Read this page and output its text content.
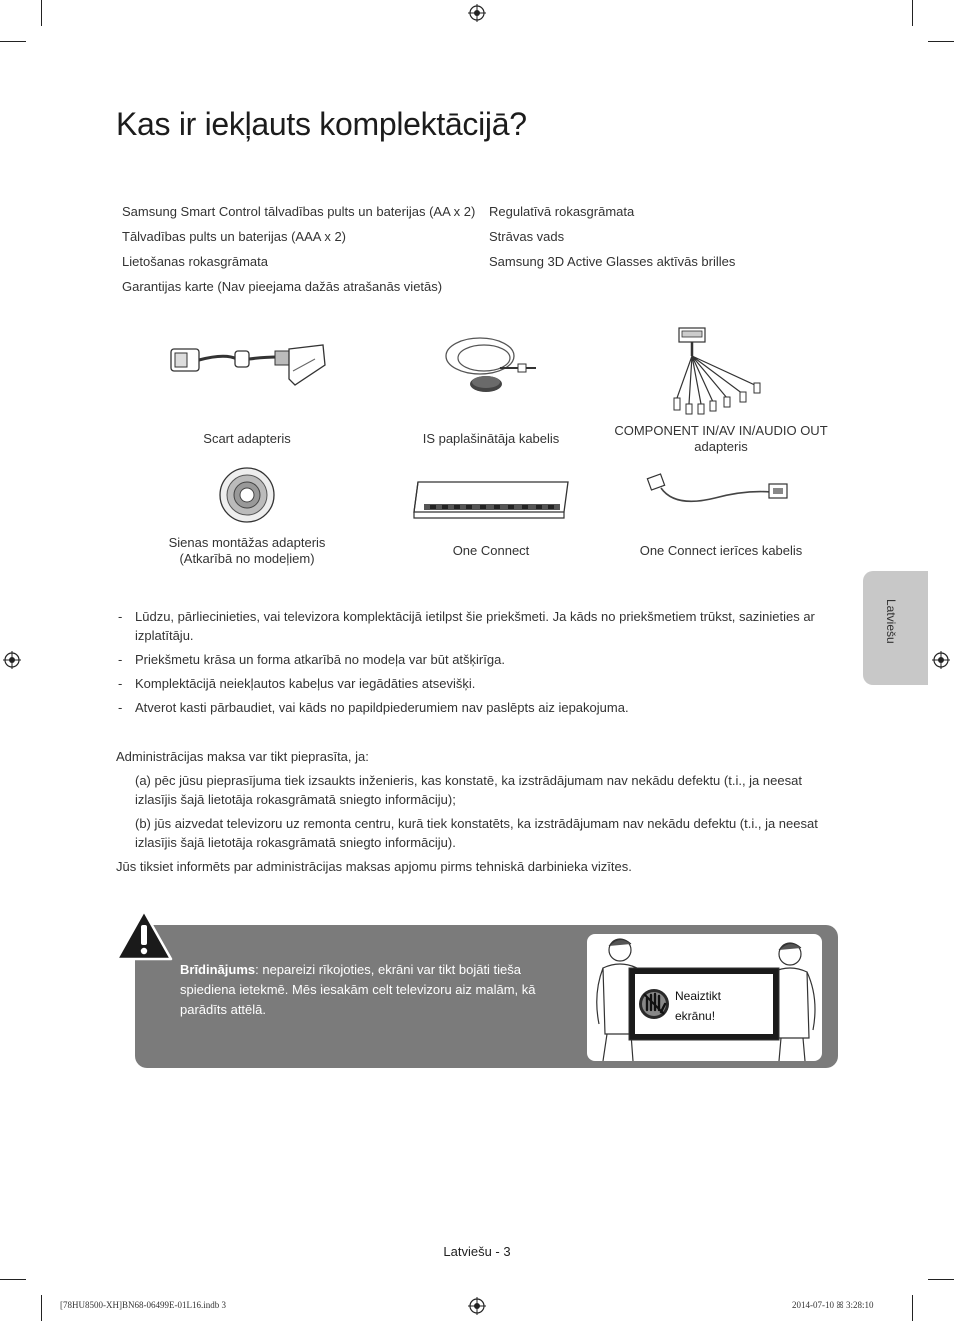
Kas ir iekļauts komplektācijā?
Samsung Smart Control tālvadības pults un baterijas (AA x 2)
Tālvadības pults un baterijas (AAA x 2)
Lietošanas rokasgrāmata
Garantijas karte (Nav pieejama dažās atrašanās vietās)
Regulatīvā rokasgrāmata
Strāvas vads
Samsung 3D Active Glasses aktīvās brilles
Scart adapteris	IS paplašinātāja kabelis
COMPONENT IN/AV IN/AUDIO OUT
adapteris
Sienas montāžas adapteris
(Atkarībā no modeļiem)
One Connect	One Connect ierīces kabelis
Latviešu
- Lūdzu, pārliecinieties, vai televizora komplektācijā ietilpst šie priekšmeti. Ja kāds no priekšmetiem trūkst, sazinieties ar izplatītāju.
- Priekšmetu krāsa un forma atkarībā no modeļa var būt atšķirīga.
- Komplektācijā neiekļautos kabeļus var iegādāties atsevišķi.
- Atverot kasti pārbaudiet, vai kāds no papildpiederumiem nav paslēpts aiz iepakojuma.
Administrācijas maksa var tikt pieprasīta, ja:
(a) pēc jūsu pieprasījuma tiek izsaukts inženieris, kas konstatē, ka izstrādājumam nav nekādu defektu (t.i., ja neesat izlasījis šajā lietotāja rokasgrāmatā sniegto informāciju);
(b) jūs aizvedat televizoru uz remonta centru, kurā tiek konstatēts, ka izstrādājumam nav nekādu defektu (t.i., ja neesat izlasījis šajā lietotāja rokasgrāmatā sniegto informāciju).
Jūs tiksiet informēts par administrācijas maksas apjomu pirms tehniskā darbinieka vizītes.
Brīdinājums: nepareizi rīkojoties, ekrāni var tikt bojāti tieša spiediena ietekmē. Mēs iesakām celt televizoru aiz malām, kā parādīts attēlā.
Neaiztikt
ekrānu!
Latviešu - 3
[78HU8500-XH]BN68-06499E-01L16.indb 3	2014-07-10 ꕤ 3:28:10
